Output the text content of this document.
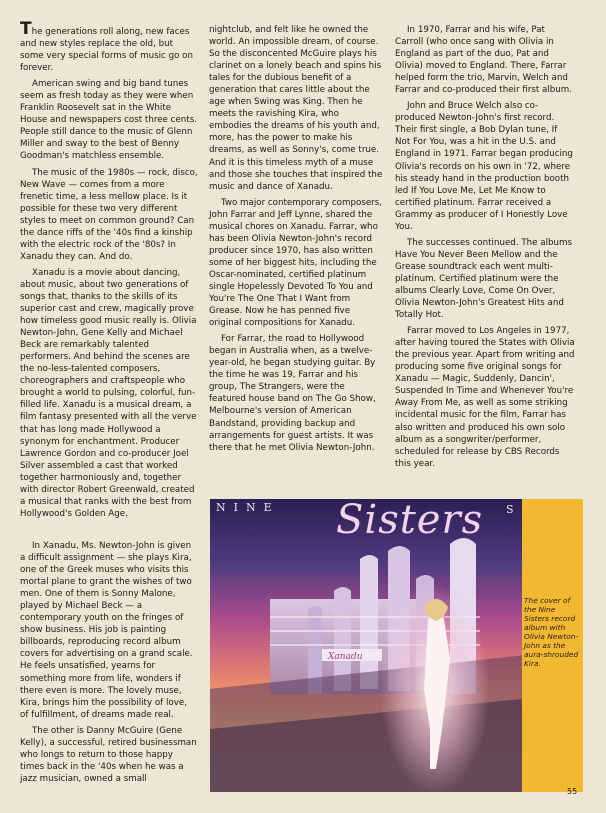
The generations roll along, new faces and new styles replace the old, but some very special forms of music go on forever.

American swing and big band tunes seem as fresh today as they were when Franklin Roosevelt sat in the White House and newspapers cost three cents. People still dance to the music of Glenn Miller and sway to the best of Benny Goodman's matchless ensemble.

The music of the 1980s — rock, disco, New Wave — comes from a more frenetic time, a less mellow place. Is it possible for these two very different styles to meet on common ground? Can the dance riffs of the '40s find a kinship with the electric rock of the '80s? In Xanadu they can. And do.

Xanadu is a movie about dancing, about music, about two generations of songs that, thanks to the skills of its superior cast and crew, magically prove how timeless good music really is. Olivia Newton-John, Gene Kelly and Michael Beck are remarkably talented performers. And behind the scenes are the no-less-talented composers, choreographers and craftspeople who brought a world to pulsing, colorful, fun-filled life. Xanadu is a musical dream, a film fantasy presented with all the verve that has long made Hollywood a synonym for enchantment. Producer Lawrence Gordon and co-producer Joel Silver assembled a cast that worked together harmoniously and, together with director Robert Greenwald, created a musical that ranks with the best from Hollywood's Golden Age.

In Xanadu, Ms. Newton-John is given a difficult assignment — she plays Kira, one of the Greek muses who visits this mortal plane to grant the wishes of two men. One of them is Sonny Malone, played by Michael Beck — a contemporary youth on the fringes of show business. His job is painting billboards, reproducing record album covers for advertising on a grand scale. He feels unsatisfied, yearns for something more from life, wonders if there even is more. The lovely muse, Kira, brings him the possibility of love, of fulfillment, of dreams made real.

The other is Danny McGuire (Gene Kelly), a successful, retired businessman who longs to return to those happy times back in the '40s when he was a jazz musician, owned a small

nightclub, and felt like he owned the world. An impossible dream, of course. So the disconcented McGuire plays his clarinet on a lonely beach and spins his tales for the dubious benefit of a generation that cares little about the age when Swing was King. Then he meets the ravishing Kira, who embodies the dreams of his youth and, more, has the power to make his dreams, as well as Sonny's, come true. And it is this timeless myth of a muse and those she touches that inspired the music and dance of Xanadu.

Two major contemporary composers, John Farrar and Jeff Lynne, shared the musical chores on Xanadu. Farrar, who has been Olivia Newton-John's record producer since 1970, has also written some of her biggest hits, including the Oscar-nominated, certified platinum single Hopelessly Devoted To You and You're The One That I Want from Grease. Now he has penned five original compositions for Xanadu.

For Farrar, the road to Hollywood began in Australia when, as a twelve-year-old, he began studying guitar. By the time he was 19, Farrar and his group, The Strangers, were the featured house band on The Go Show, Melbourne's version of American Bandstand, providing backup and arrangements for guest artists. It was there that he met Olivia Newton-John.

In 1970, Farrar and his wife, Pat Carroll (who once sang with Olivia in England as part of the duo, Pat and Olivia) moved to England. There, Farrar helped form the trio, Marvin, Welch and Farrar and co-produced their first album.

John and Bruce Welch also co-produced Newton-John's first record. Their first single, a Bob Dylan tune, If Not For You, was a hit in the U.S. and England in 1971. Farrar began producing Olivia's records on his own in '72, where his steady hand in the production booth led If You Love Me, Let Me Know to certified platinum. Farrar received a Grammy as producer of I Honestly Love You.

The successes continued. The albums Have You Never Been Mellow and the Grease soundtrack each went multi-platinum. Certified platinum were the albums Clearly Love, Come On Over, Olivia Newton-John's Greatest Hits and Totally Hot.

Farrar moved to Los Angeles in 1977, after having toured the States with Olivia the previous year. Apart from writing and producing some five original songs for Xanadu — Magic, Suddenly, Dancin', Suspended In Time and Whenever You're Away From Me, as well as some striking incidental music for the film, Farrar has also written and produced his own solo album as a songwriter/performer, scheduled for release by CBS Records this year.

Xanadu
NINE Sisters S
The cover of the Nine Sisters record album with Olivia Newton-John as the aura-shrouded Kira.
55
